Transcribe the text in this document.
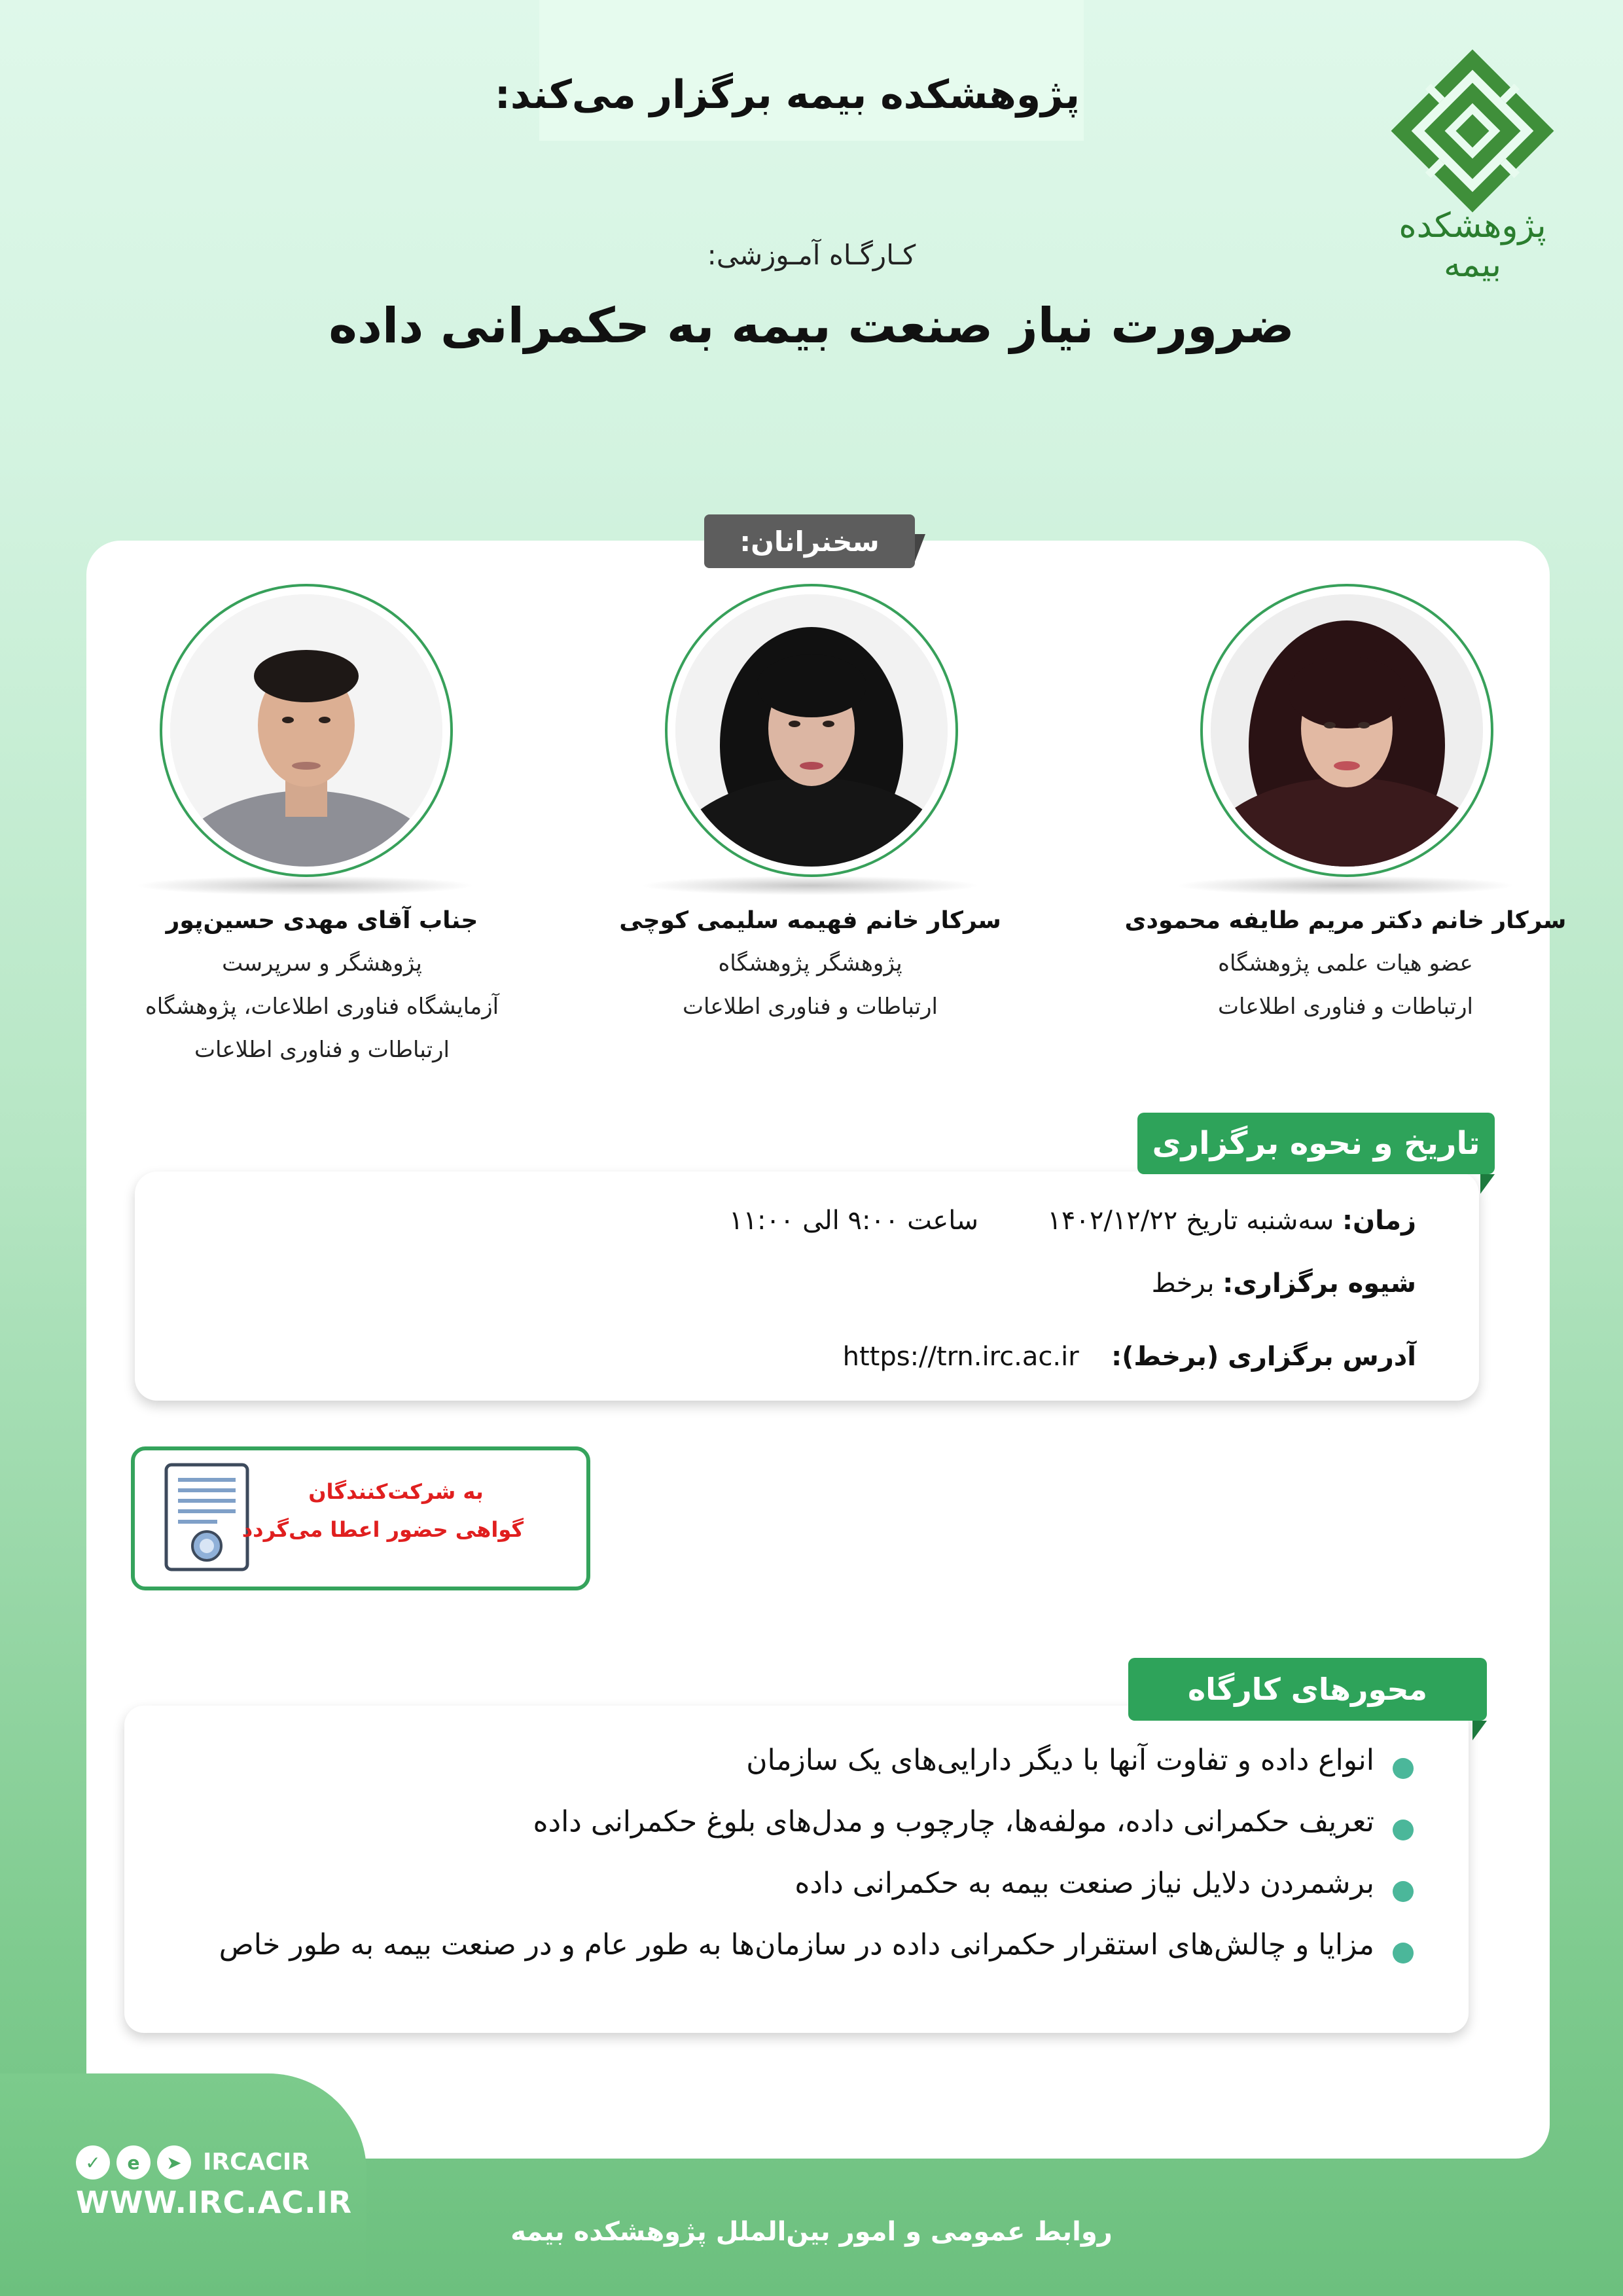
پژوهشکده بیمه برگزار می‌کند:
پژوهشکده بیمه
کـارگـاه آمـوزشی:
ضرورت نیاز صنعت بیمه به حکمرانی داده
سخنرانان:
سرکار خانم دکتر مریم طایفه محمودی
عضو هیات علمی پژوهشگاه
ارتباطات و فناوری اطلاعات
سرکار خانم فهیمه سلیمی کوچی
پژوهشگر پژوهشگاه
ارتباطات و فناوری اطلاعات
جناب آقای مهدی حسین‌پور
پژوهشگر و سرپرست
آزمایشگاه فناوری اطلاعات، پژوهشگاه
ارتباطات و فناوری اطلاعات
تاریخ و نحوه برگزاری
زمان: سه‌شنبه تاریخ ۱۴۰۲/۱۲/۲۲  ساعت ۹:۰۰ الی ۱۱:۰۰
شیوه برگزاری: برخط
آدرس برگزاری (برخط):  https://trn.irc.ac.ir
به شرکت‌کنندگان
گواهی حضور اعطا می‌گردد
محورهای کارگاه
انواع داده و تفاوت آنها با دیگر دارایی‌های یک سازمان
تعریف حکمرانی داده، مولفه‌ها، چارچوب و مدل‌های بلوغ حکمرانی داده
برشمردن دلایل نیاز صنعت بیمه به حکمرانی داده
مزایا و چالش‌های استقرار حکمرانی داده در سازمان‌ها به طور عام و در صنعت بیمه به طور خاص
✓	e	➤ IRCACIR
WWW.IRC.AC.IR
روابط عمومی و امور بین‌الملل پژوهشکده بیمه
